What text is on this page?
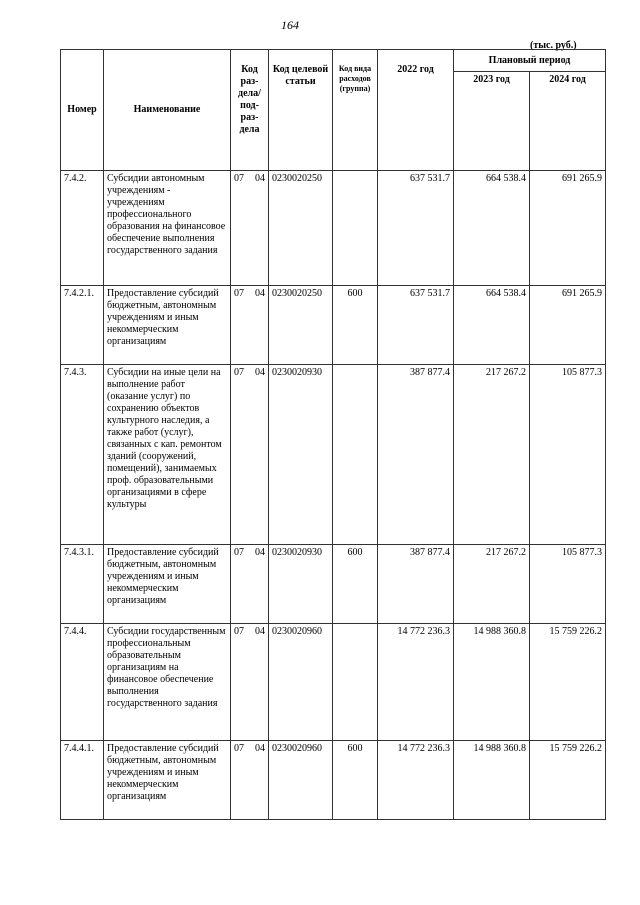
164
(тыс. руб.)
Номер	Наименование	Код раз- дела/ под- раз- дела	Код целевой статьи	Код вида расходов (группа)	2022 год	Плановый период	
						2023 год	2024 год
7.4.2.	Субсидии автономным учреждениям - учреждениям профессионального образования на финансовое обеспечение выполнения государственного задания	07 04	0230020250		637 531.7	664 538.4	691 265.9
7.4.2.1.	Предоставление субсидий бюджетным, автономным учреждениям и иным некоммерческим организациям	07 04	0230020250	600	637 531.7	664 538.4	691 265.9
7.4.3.	Субсидии на иные цели на выполнение работ (оказание услуг) по сохранению объектов культурного наследия, а также работ (услуг), связанных с кап. ремонтом зданий (сооружений, помещений), занимаемых проф. образовательными организациями в сфере культуры	07 04	0230020930		387 877.4	217 267.2	105 877.3
7.4.3.1.	Предоставление субсидий бюджетным, автономным учреждениям и иным некоммерческим организациям	07 04	0230020930	600	387 877.4	217 267.2	105 877.3
7.4.4.	Субсидии государственным профессиональным образовательным организациям на финансовое обеспечение выполнения государственного задания	07 04	0230020960		14 772 236.3	14 988 360.8	15 759 226.2
7.4.4.1.	Предоставление субсидий бюджетным, автономным учреждениям и иным некоммерческим организациям	07 04	0230020960	600	14 772 236.3	14 988 360.8	15 759 226.2
